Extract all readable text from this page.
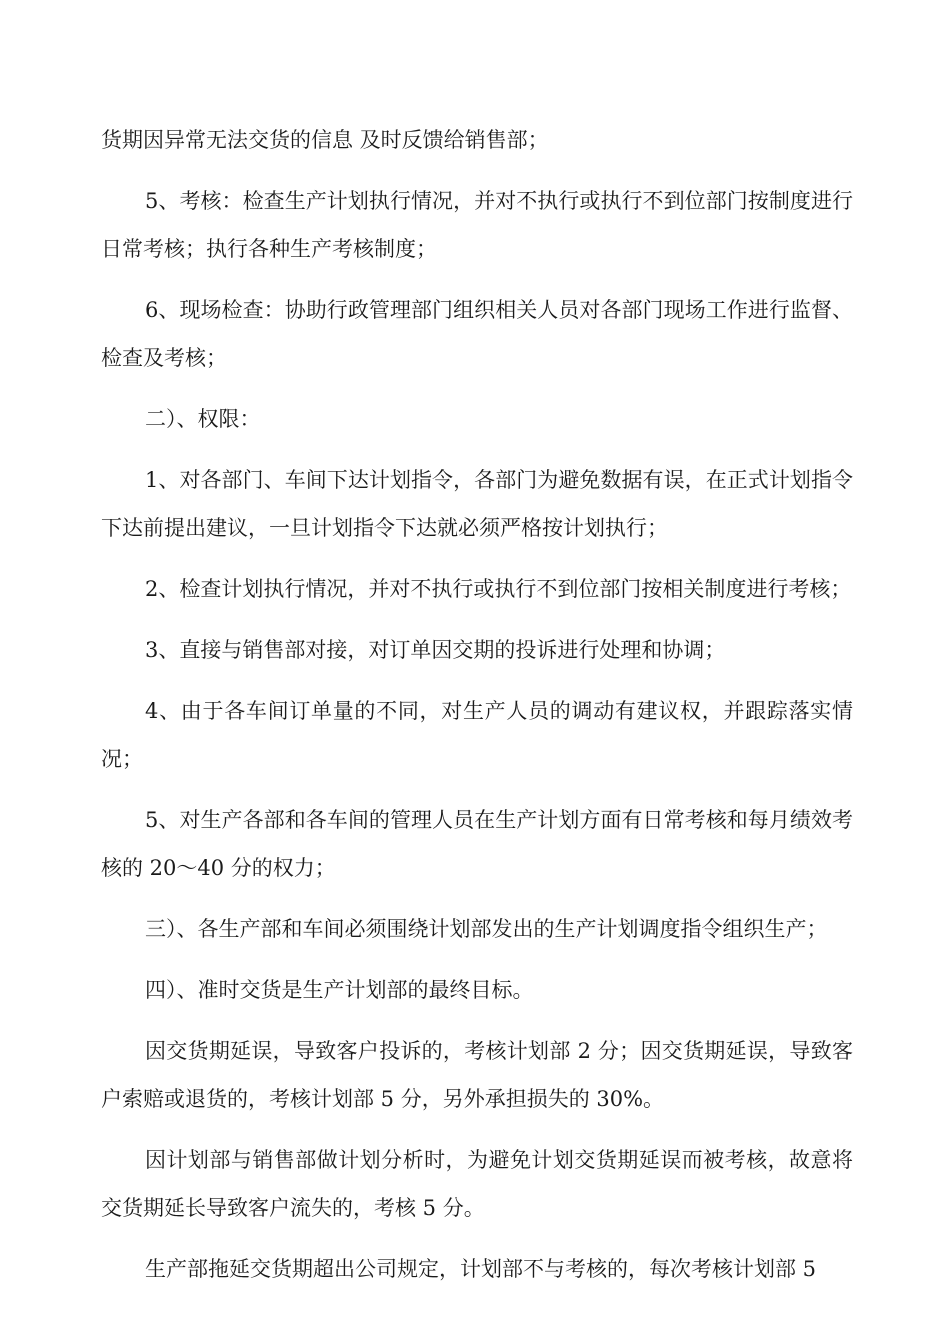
货期因异常无法交货的信息 及时反馈给销售部；

5、考核：检查生产计划执行情况，并对不执行或执行不到位部门按制度进行日常考核；执行各种生产考核制度；

6、现场检查：协助行政管理部门组织相关人员对各部门现场工作进行监督、检查及考核；

二）、权限：

1、对各部门、车间下达计划指令，各部门为避免数据有误，在正式计划指令下达前提出建议，一旦计划指令下达就必须严格按计划执行；

2、检查计划执行情况，并对不执行或执行不到位部门按相关制度进行考核；

3、直接与销售部对接，对订单因交期的投诉进行处理和协调；

4、由于各车间订单量的不同，对生产人员的调动有建议权，并跟踪落实情况；

5、对生产各部和各车间的管理人员在生产计划方面有日常考核和每月绩效考核的 20～40 分的权力；

三）、各生产部和车间必须围绕计划部发出的生产计划调度指令组织生产；

四）、准时交货是生产计划部的最终目标。

因交货期延误，导致客户投诉的，考核计划部 2 分；因交货期延误，导致客户索赔或退货的，考核计划部 5 分，另外承担损失的 30%。

因计划部与销售部做计划分析时，为避免计划交货期延误而被考核，故意将交货期延长导致客户流失的，考核 5 分。

生产部拖延交货期超出公司规定，计划部不与考核的，每次考核计划部 5
